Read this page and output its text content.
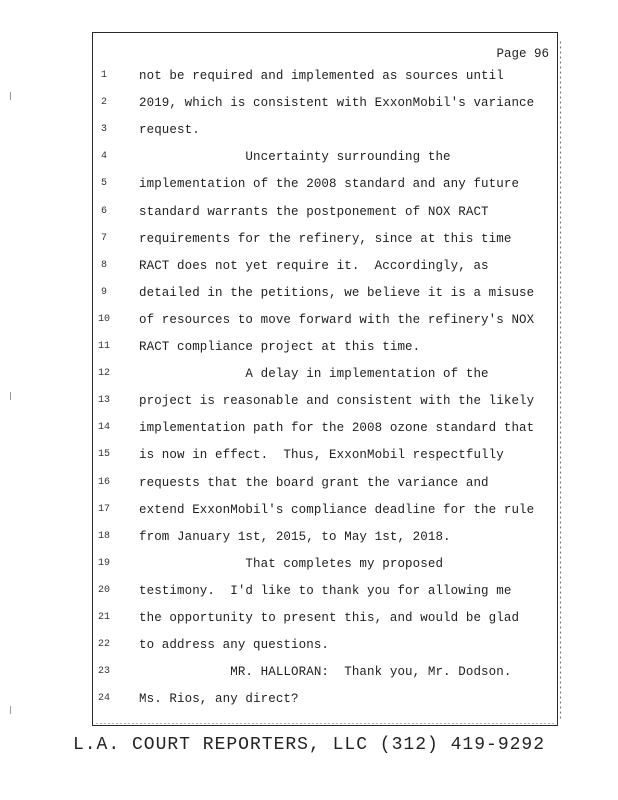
Page 96
1	not be required and implemented as sources until
2	2019, which is consistent with ExxonMobil's variance
3	request.
4	Uncertainty surrounding the
5	implementation of the 2008 standard and any future
6	standard warrants the postponement of NOX RACT
7	requirements for the refinery, since at this time
8	RACT does not yet require it.  Accordingly, as
9	detailed in the petitions, we believe it is a misuse
10	of resources to move forward with the refinery's NOX
11	RACT compliance project at this time.
12	A delay in implementation of the
13	project is reasonable and consistent with the likely
14	implementation path for the 2008 ozone standard that
15	is now in effect.  Thus, ExxonMobil respectfully
16	requests that the board grant the variance and
17	extend ExxonMobil's compliance deadline for the rule
18	from January 1st, 2015, to May 1st, 2018.
19	That completes my proposed
20	testimony.  I'd like to thank you for allowing me
21	the opportunity to present this, and would be glad
22	to address any questions.
23	MR. HALLORAN:  Thank you, Mr. Dodson.
24	Ms. Rios, any direct?
L.A. COURT REPORTERS, LLC (312) 419-9292
